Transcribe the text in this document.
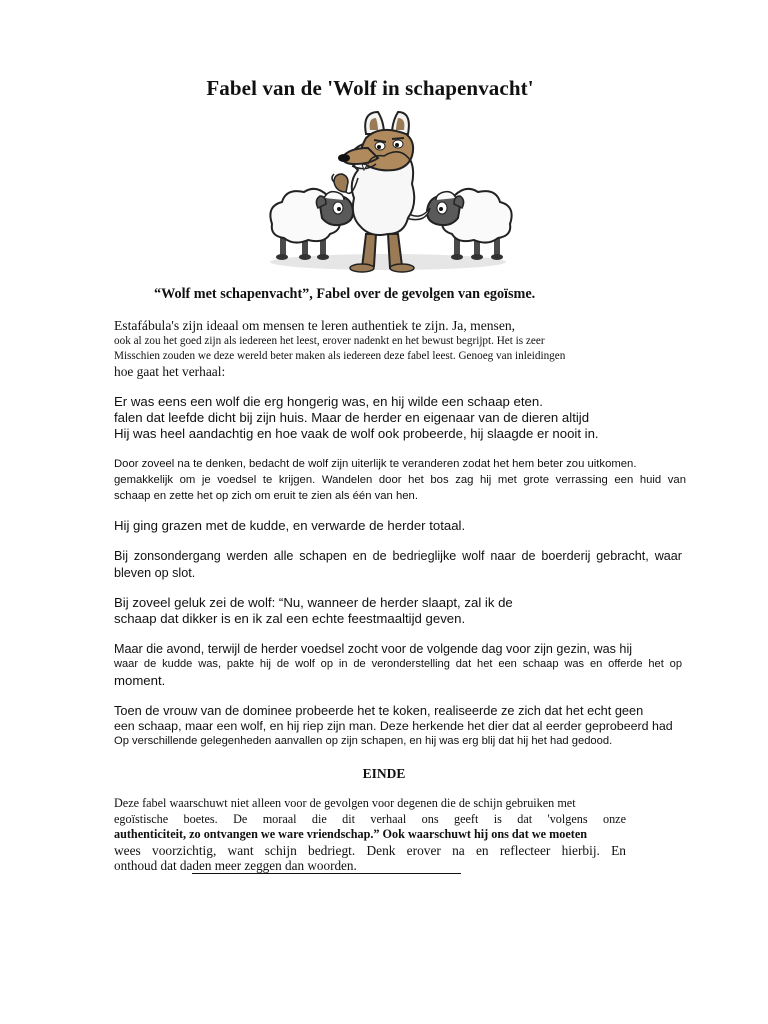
Fabel van de 'Wolf in schapenvacht'
“Wolf met schapenvacht”, Fabel over de gevolgen van egoïsme.
Estafábula's zijn ideaal om mensen te leren authentiek te zijn. Ja, mensen,
ook al zou het goed zijn als iedereen het leest, erover nadenkt en het bewust begrijpt. Het is zeer
Misschien zouden we deze wereld beter maken als iedereen deze fabel leest. Genoeg van inleidingen
hoe gaat het verhaal:
Er was eens een wolf die erg hongerig was, en hij wilde een schaap eten.
falen dat leefde dicht bij zijn huis. Maar de herder en eigenaar van de dieren altijd
Hij was heel aandachtig en hoe vaak de wolf ook probeerde, hij slaagde er nooit in.
Door zoveel na te denken, bedacht de wolf zijn uiterlijk te veranderen zodat het hem beter zou uitkomen.
gemakkelijk om je voedsel te krijgen. Wandelen door het bos zag hij met grote verrassing een huid van
schaap en zette het op zich om eruit te zien als één van hen.
Hij ging grazen met de kudde, en verwarde de herder totaal.
Bij zonsondergang werden alle schapen en de bedrieglijke wolf naar de boerderij gebracht, waar
bleven op slot.
Bij zoveel geluk zei de wolf: “Nu, wanneer de herder slaapt, zal ik de
schaap dat dikker is en ik zal een echte feestmaaltijd geven.
Maar die avond, terwijl de herder voedsel zocht voor de volgende dag voor zijn gezin, was hij
waar de kudde was, pakte hij de wolf op in de veronderstelling dat het een schaap was en offerde het op
moment.
Toen de vrouw van de dominee probeerde het te koken, realiseerde ze zich dat het echt geen
een schaap, maar een wolf, en hij riep zijn man. Deze herkende het dier dat al eerder geprobeerd had
Op verschillende gelegenheden aanvallen op zijn schapen, en hij was erg blij dat hij het had gedood.
EINDE
Deze fabel waarschuwt niet alleen voor de gevolgen voor degenen die de schijn gebruiken met
egoïstische boetes. De moraal die dit verhaal ons geeft is dat 'volgens onze
authenticiteit, zo ontvangen we ware vriendschap.” Ook waarschuwt hij ons dat we moeten
wees voorzichtig, want schijn bedriegt. Denk erover na en reflecteer hierbij. En
onthoud dat daden meer zeggen dan woorden.
